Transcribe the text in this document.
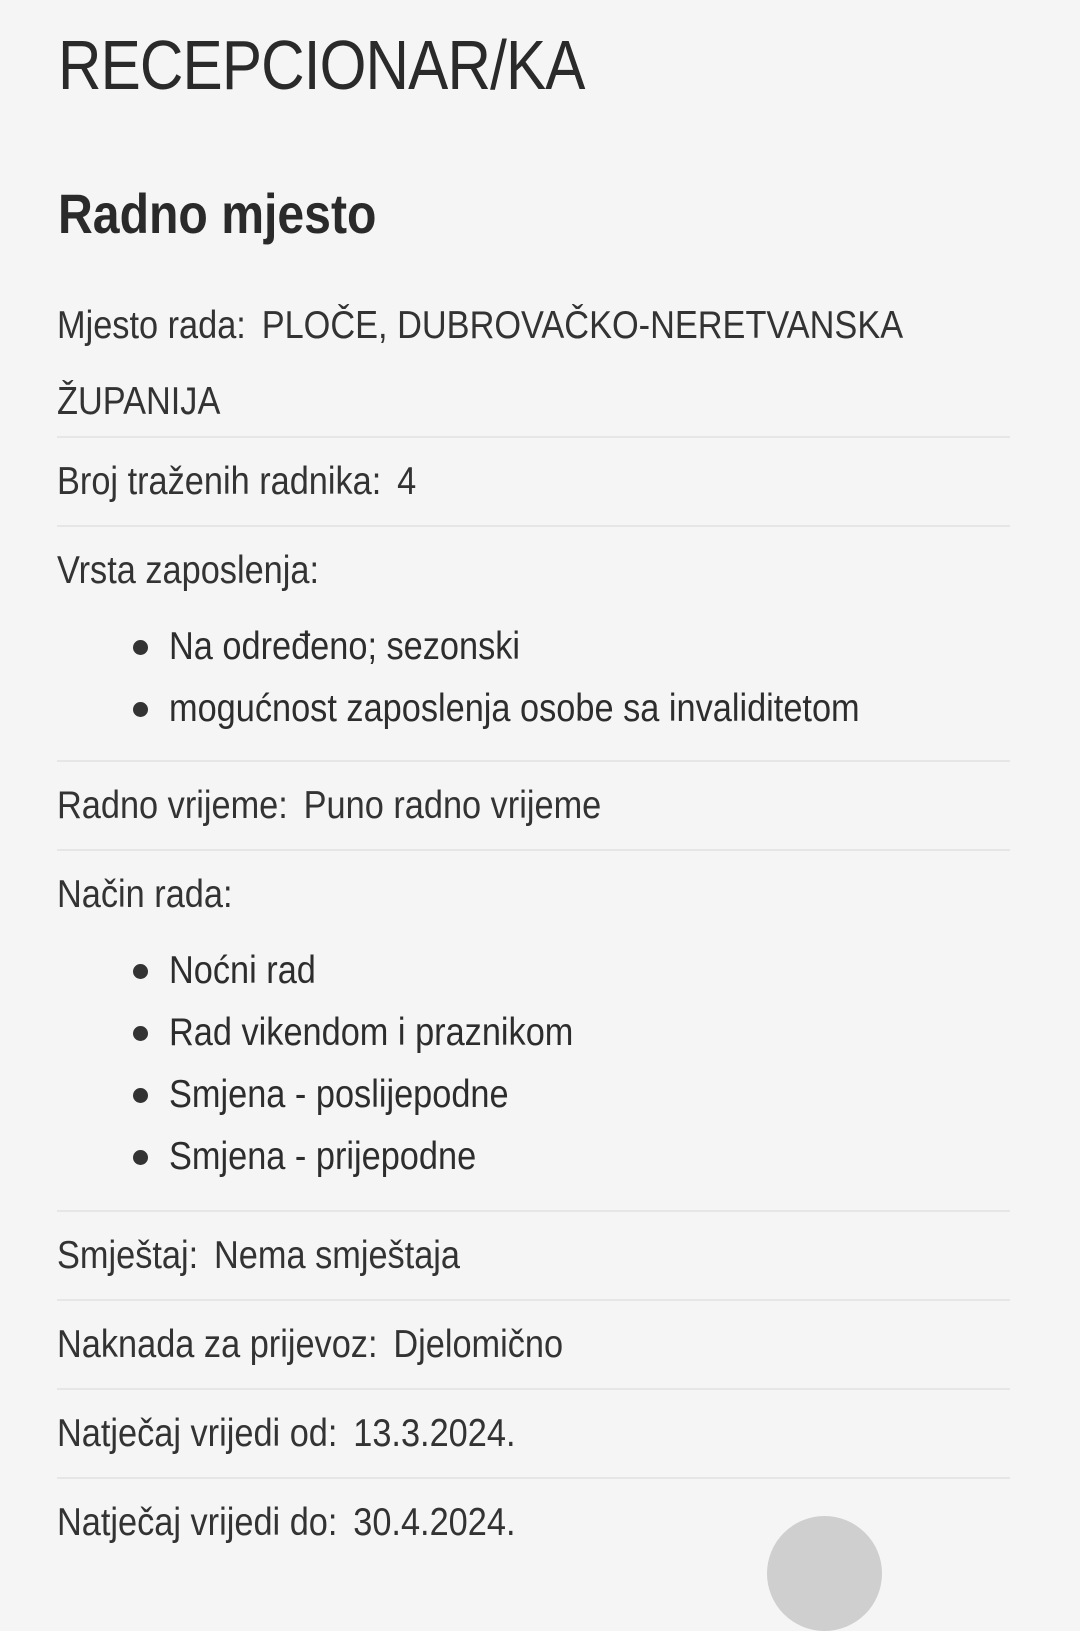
RECEPCIONAR/KA
Radno mjesto
Mjesto rada: PLOČE, DUBROVAČKO-NERETVANSKA
ŽUPANIJA
Broj traženih radnika: 4
Vrsta zaposlenja:
Na određeno; sezonski
mogućnost zaposlenja osobe sa invaliditetom
Radno vrijeme: Puno radno vrijeme
Način rada:
Noćni rad
Rad vikendom i praznikom
Smjena - poslijepodne
Smjena - prijepodne
Smještaj: Nema smještaja
Naknada za prijevoz: Djelomično
Natječaj vrijedi od: 13.3.2024.
Natječaj vrijedi do: 30.4.2024.
